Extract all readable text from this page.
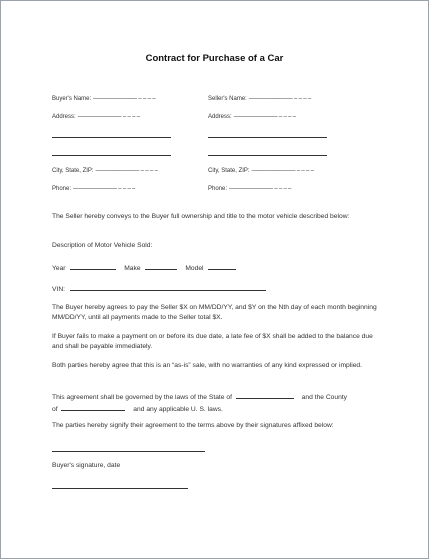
Contract for Purchase of a Car
Buyer's Name: ———————– – – – –
Address: ———————– – – – –
City, State, ZIP: ———————– – – – –
Phone: ———————– – – – –
Seller's Name: ———————– – – – –
Address: ———————– – – – –
City, State, ZIP: ———————– – – – –
Phone: ———————– – – – –
The Seller hereby conveys to the Buyer full ownership and title to the motor vehicle described below:
Description of Motor Vehicle Sold:
Year	Make	Model
VIN:
The Buyer hereby agrees to pay the Seller $X on MM/DD/YY, and $Y on the Nth day of each month beginning MM/DD/YY, until all payments made to the Seller total $X.
If Buyer fails to make a payment on or before its due date, a late fee of $X shall be added to the balance due and shall be payable immediately.
Both parties hereby agree that this is an “as-is” sale, with no warranties of any kind expressed or implied.
This agreement shall be governed by the laws of the State of	and the County
of	and any applicable U. S. laws.
The parties hereby signify their agreement to the terms above by their signatures affixed below:
Buyer's signature, date
